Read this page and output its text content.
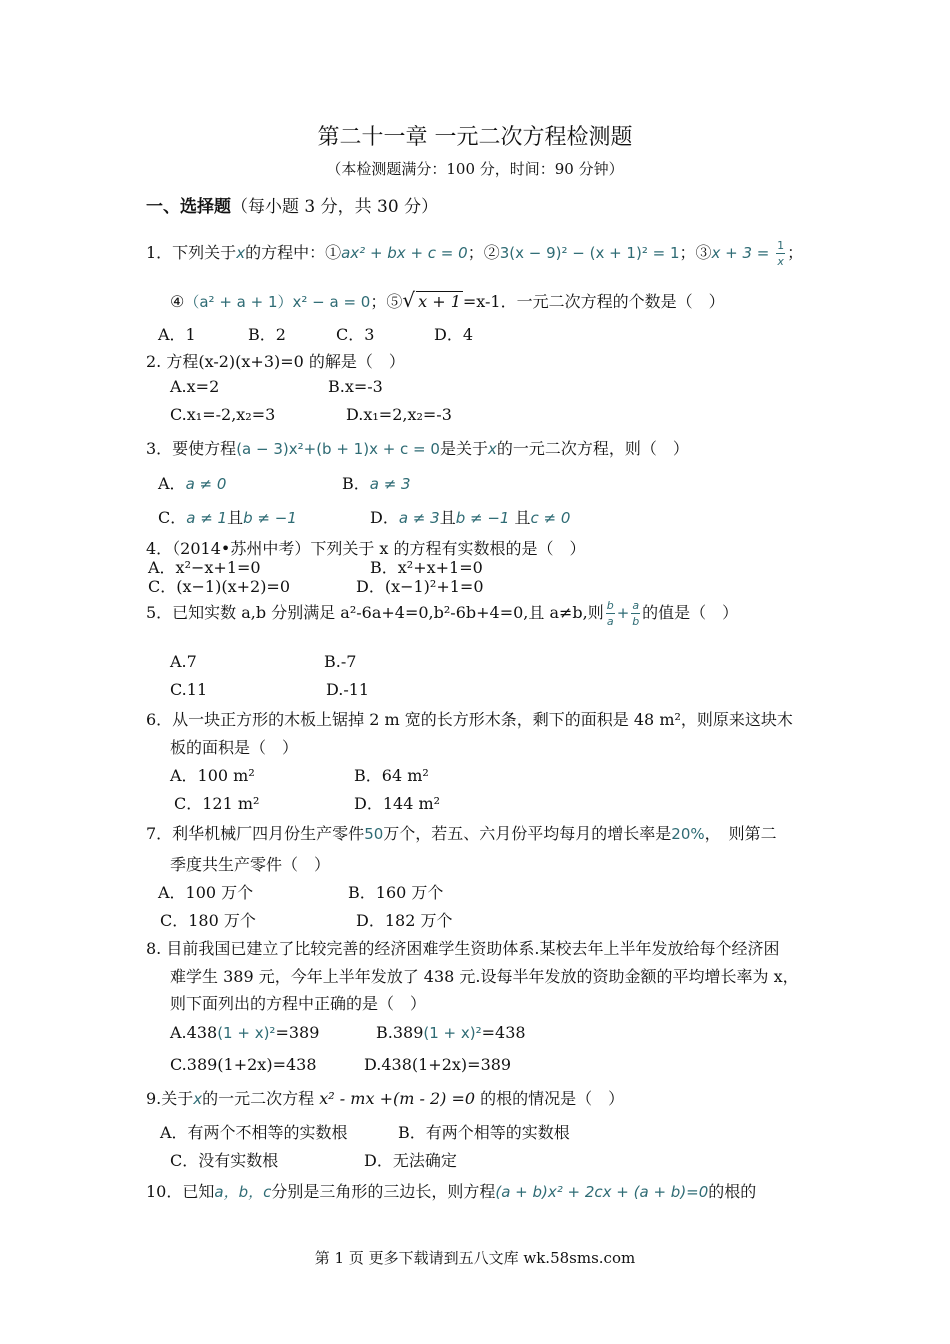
第二十一章 一元二次方程检测题
（本检测题满分：100 分，时间：90 分钟）
一、选择题（每小题 3 分，共 30 分）
1．下列关于x的方程中：①ax² + bx + c = 0；②3(x − 9)² − (x + 1)² = 1；③x + $3 = \frac{1}{x}$ ；
④（a² + a + 1）x² − a = 0；⑤√ x + 1 =x-1．一元二次方程的个数是（　）
A．1	B．2	C．3	D．4
2. 方程(x-2)(x+3)=0 的解是（　）
A.x=2	B.x=-3
C.x₁=-2,x₂=3	D.x₁=2,x₂=-3
3．要使方程(a − 3)x²+(b + 1)x + c = 0是关于x的一元二次方程，则（　）
A．a ≠ 0	B．a ≠ 3
C．a ≠ 1且b ≠ −1	D．a ≠ 3且b ≠ −1 且c ≠ 0
4．（2014•苏州中考）下列关于 x 的方程有实数根的是（　）
A．x²−x+1=0	B．x²+x+1=0
C．(x−1)(x+2)=0	D．(x−1)²+1=0
5．已知实数 a,b 分别满足 a²-6a+4=0,b²-6b+4=0,且 a≠b,则 $\frac{b}{a} + \frac{a}{b}$ 的值是（　）
A.7	B.-7
C.11	D.-11
6．从一块正方形的木板上锯掉 2 m 宽的长方形木条，剩下的面积是 48 m²，则原来这块木
板的面积是（　）
A．100 m²	B．64 m²
C．121 m²	D．144 m²
7．利华机械厂四月份生产零件50万个，若五、六月份平均每月的增长率是20%，　则第二
季度共生产零件（　）
A．100 万个	B．160 万个
C．180 万个	D．182 万个
8. 目前我国已建立了比较完善的经济困难学生资助体系.某校去年上半年发放给每个经济困
难学生 389 元，今年上半年发放了 438 元.设每半年发放的资助金额的平均增长率为 x，
则下面列出的方程中正确的是（　）
A.438(1 + x)²=389	B.389(1 + x)²=438
C.389(1+2x)=438	D.438(1+2x)=389
9.关于x的一元二次方程 x² - mx +(m - 2) =0 的根的情况是（　）
A．有两个不相等的实数根	B．有两个相等的实数根
C．没有实数根	D．无法确定
10．已知a，b，c分别是三角形的三边长，则方程(a + b)x² + 2cx + (a + b)=0的根的
第 1 页 更多下载请到五八文库 wk.58sms.com
